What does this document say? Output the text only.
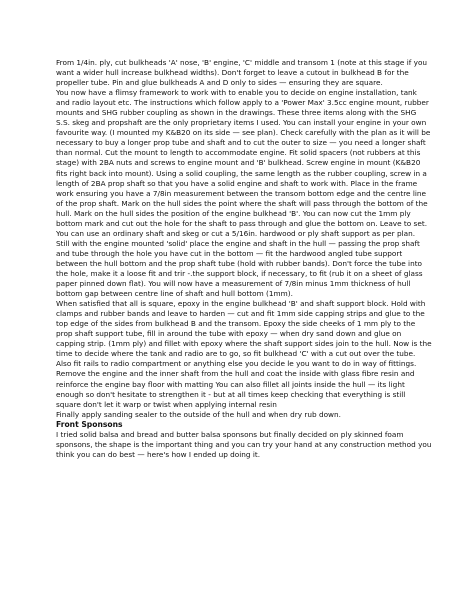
From 1/4in. ply, cut bulkheads 'A' nose, 'B' engine, 'C' middle and transom 1 (note at this stage if you want a wider hull increase bulkhead widths). Don't forget to leave a cutout in bulkhead B for the propeller tube. Pin and glue bulkheads A and D only to sides — ensuring they are square.

You now have a flimsy framework to work with to enable you to decide on engine installation, tank and radio layout etc. The instructions which follow apply to a 'Power Max' 3.5cc engine mount, rubber mounts and SHG rubber coupling as shown in the drawings. These three items along with the SHG S.S. skeg and propshaft are the only proprietary items I used. You can install your engine in your own favourite way. (I mounted my K&B20 on its side — see plan). Check carefully with the plan as it will be necessary to buy a longer prop tube and shaft and to cut the outer to size — you need a longer shaft than normal. Cut the mount to length to accommodate engine. Fit solid spacers (not rubbers at this stage) with 2BA nuts and screws to engine mount and 'B' bulkhead. Screw engine in mount (K&B20 fits right back into mount). Using a solid coupling, the same length as the rubber coupling, screw in a length of 2BA prop shaft so that you have a solid engine and shaft to work with. Place in the frame work ensuring you have a 7/8in measurement between the transom bottom edge and the centre line of the prop shaft. Mark on the hull sides the point where the shaft will pass through the bottom of the hull. Mark on the hull sides the position of the engine bulkhead 'B'. You can now cut the 1mm ply bottom mark and cut out the hole for the shaft to pass through and glue the bottom on. Leave to set.

You can use an ordinary shaft and skeg or cut a 5/16in. hardwood or ply shaft support as per plan.

Still with the engine mounted 'solid' place the engine and shaft in the hull — passing the prop shaft and tube through the hole you have cut in the bottom — fit the hardwood angled tube support between the hull bottom and the prop shaft tube (hold with rubber bands). Don't force the tube into the hole, make it a loose fit and trir -.the support block, if necessary, to fit (rub it on a sheet of glass paper pinned down flat). You will now have a measurement of 7/8in minus 1mm thickness of hull bottom gap between centre line of shaft and hull bottom (1mm).

When satisfied that all is square, epoxy in the engine bulkhead 'B' and shaft support block. Hold with clamps and rubber bands and leave to harden — cut and fit 1mm side capping strips and glue to the top edge of the sides from bulkhead B and the transom. Epoxy the side cheeks of 1 mm ply to the prop shaft support tube, fill in around the tube with epoxy — when dry sand down and glue on capping strip. (1mm ply) and fillet with epoxy where the shaft support sides join to the hull. Now is the time to decide where the tank and radio are to go, so fit bulkhead 'C' with a cut out over the tube. Also fit rails to radio compartment or anything else you decide le you want to do in way of fittings.

Remove the engine and the inner shaft from the hull and coat the inside with glass fibre resin and reinforce the engine bay floor with matting You can also fillet all joints inside the hull — its light enough so don't hesitate to strengthen it - but at all times keep checking that everything is still square don't let it warp or twist when applying internal resin

Finally apply sanding sealer to the outside of the hull and when dry rub down.

Front Sponsons

I tried solid balsa and bread and butter balsa sponsons but finally decided on ply skinned foam sponsons, the shape is the important thing and you can try your hand at any construction method you think you can do best — here's how I ended up doing it.
